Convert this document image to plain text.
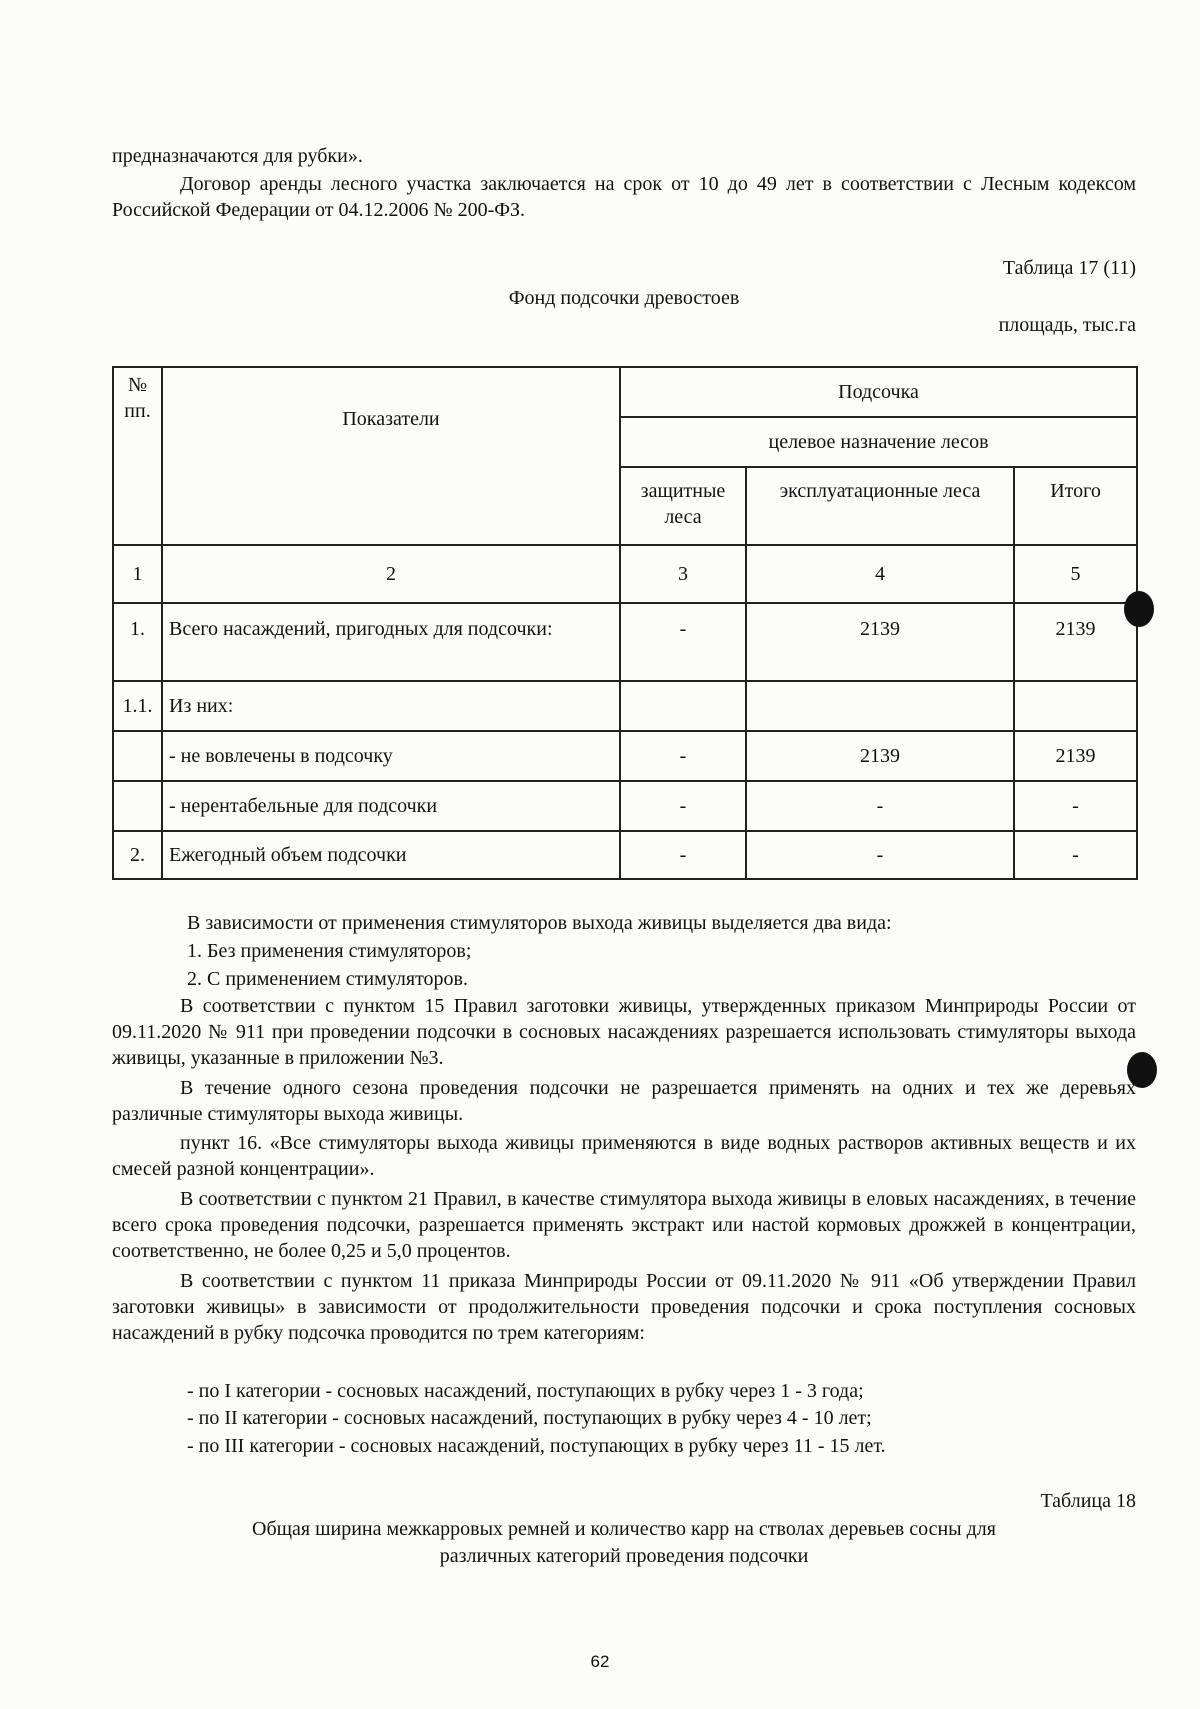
предназначаются для рубки».

Договор аренды лесного участка заключается на срок от 10 до 49 лет в соответствии с Лесным кодексом Российской Федерации от 04.12.2006 № 200-ФЗ.

Таблица 17 (11)

Фонд подсочки древостоев

площадь, тыс.га

№ пп.	Показатели	Подсочка		
		целевое назначение лесов		
		защитные леса	эксплуатационные леса	Итого
1	2	3	4	5
1.	Всего насаждений, пригодных для подсочки:	-	2139	2139
1.1.	Из них:			
	- не вовлечены в подсочку	-	2139	2139
	- нерентабельные для подсочки	-	-	-
2.	Ежегодный объем подсочки	-	-	-

В зависимости от применения стимуляторов выхода живицы выделяется два вида:

1. Без применения стимуляторов;

2. С применением стимуляторов.

В соответствии с пунктом 15 Правил заготовки живицы, утвержденных приказом Минприроды России от 09.11.2020 № 911 при проведении подсочки в сосновых насаждениях разрешается использовать стимуляторы выхода живицы, указанные в приложении №3.

В течение одного сезона проведения подсочки не разрешается применять на одних и тех же деревьях различные стимуляторы выхода живицы.

пункт 16. «Все стимуляторы выхода живицы применяются в виде водных растворов активных веществ и их смесей разной концентрации».

В соответствии с пунктом 21 Правил, в качестве стимулятора выхода живицы в еловых насаждениях, в течение всего срока проведения подсочки, разрешается применять экстракт или настой кормовых дрожжей в концентрации, соответственно, не более 0,25 и 5,0 процентов.

В соответствии с пунктом 11 приказа Минприроды России от 09.11.2020 № 911 «Об утверждении Правил заготовки живицы» в зависимости от продолжительности проведения подсочки и срока поступления сосновых насаждений в рубку подсочка проводится по трем категориям:

- по I категории - сосновых насаждений, поступающих в рубку через 1 - 3 года;

- по II категории - сосновых насаждений, поступающих в рубку через 4 - 10 лет;

- по III категории - сосновых насаждений, поступающих в рубку через 11 - 15 лет.

Таблица 18

Общая ширина межкарровых ремней и количество карр на стволах деревьев сосны для

различных категорий проведения подсочки

62
